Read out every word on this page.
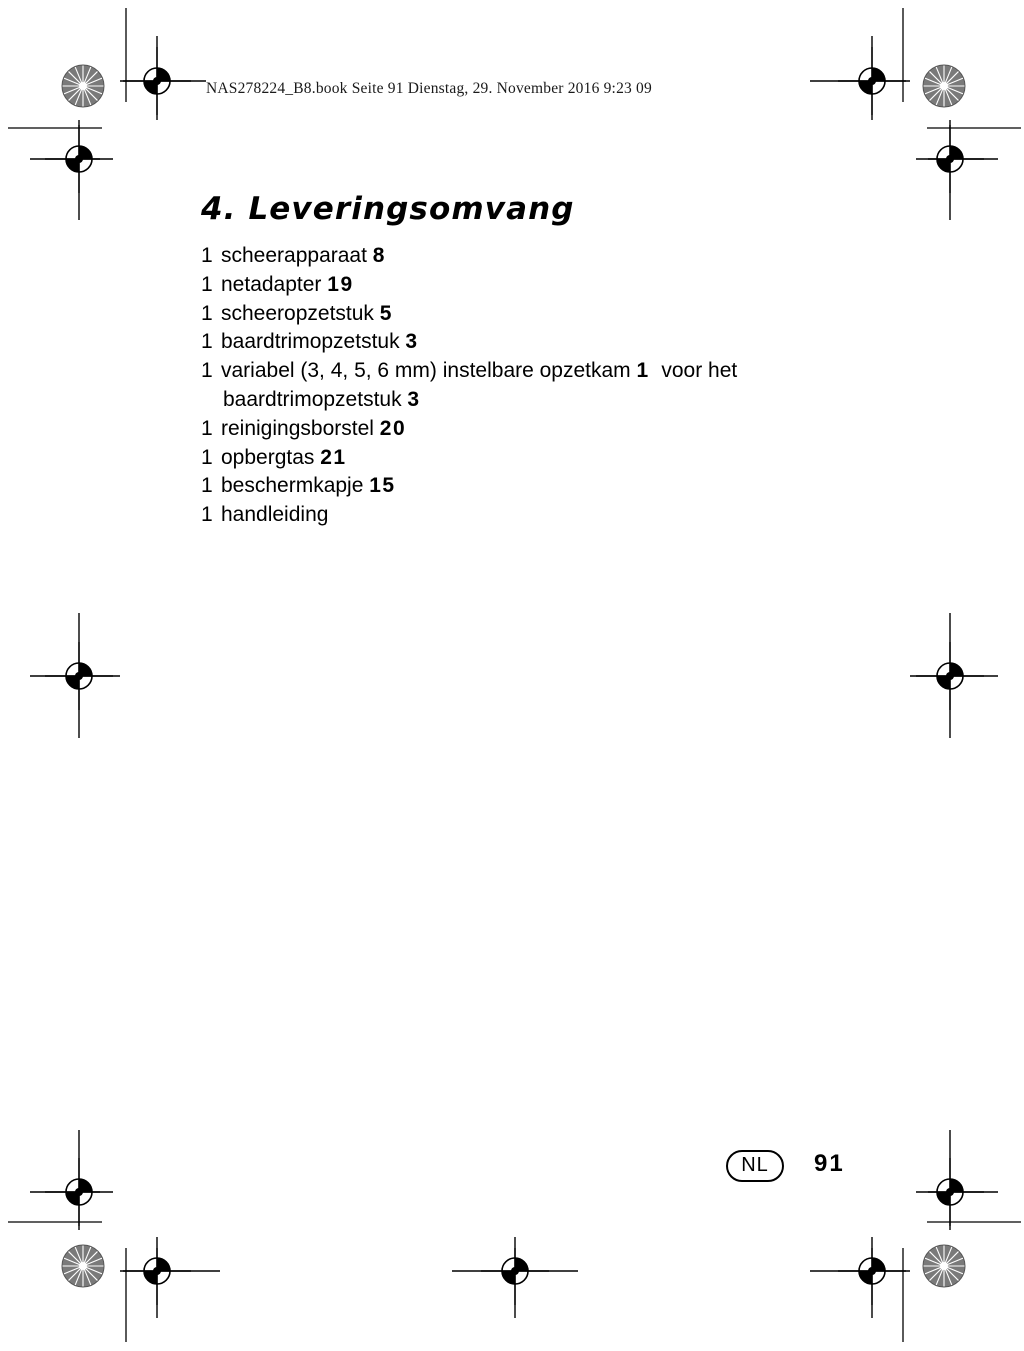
NAS278224_B8.book Seite 91 Dienstag, 29. November 2016 9:23 09
4. Leveringsomvang
1 scheerapparaat 8
1 netadapter 19
1 scheeropzetstuk 5
1 baardtrimopzetstuk 3
1 variabel (3, 4, 5, 6 mm) instelbare opzetkam 1  voor het
baardtrimopzetstuk 3
1 reinigingsborstel 20
1 opbergtas 21
1 beschermkapje 15
1 handleiding
NL	91
